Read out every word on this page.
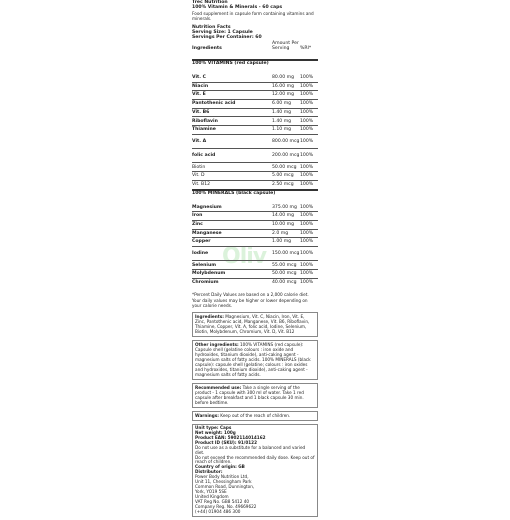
Oliv
Trec Nutrition
100% Vitamin & Minerals - 60 caps
Food supplement in capsule form containing vitamins and minerals.
Nutrition Facts
Serving Size: 1 Capsule
Servings Per Container: 60
Ingredients	Amount Per Serving	%RI*
100% VITAMINS (red capsule)		
Vit. C	80.00 mg	100%
Niacin	16.00 mg	100%
Vit. E	12.00 mg	100%
Pantothenic acid	6.00 mg	100%
Vit. B6	1.40 mg	100%
Riboflavin	1.40 mg	100%
Thiamine	1.10 mg	100%
Vit. A	800.00 mcg	100%
folic acid	200.00 mcg	100%
Biotin	50.00 mcg	100%
Vit. D	5.00 mcg	100%
Vit. B12	2.50 mcg	100%
100% MINERALS (black capsule)		
Magnesium	375.00 mg	100%
Iron	14.00 mg	100%
Zinc	10.00 mg	100%
Manganese	2.0 mg	100%
Copper	1.00 mg	100%
Iodine	150.00 mcg	100%
Selenium	55.00 mcg	100%
Molybdenum	50.00 mcg	100%
Chromium	40.00 mcg	100%
*Percent Daily Values are based on a 2,000 calorie diet. Your daily values may be higher or lower depending on your calorie needs.
Ingredients: Magnesium, Vit. C, Niacin, Iron, Vit. E, Zinc, Pantothenic acid, Manganese, Vit. B6, Riboflavin, Thiamine, Copper, Vit. A, folic acid, Iodine, Selenium, Biotin, Molybdenum, Chromium, Vit. D, Vit. B12
Other ingredients: 100% VITAMINS (red capsule): Capsule shell (gelatine colours : iron oxide and hydroxides, titanium dioxide), anti-caking agent - magnesium salts of fatty acids. 100% MINERALS (black capsule): capsule shell (gelatine; colours : iron oxides and hydroxides, titanium dioxide), anti-caking agent - magnesium salts of fatty acids.
Recommended use: Take a single serving of the product - 1 capsule with 300 ml of water. Take 1 red capsule after breakfast and 1 black capsule 30 min. before bedtime.
Warnings: Keep out of the reach of children.
Unit type: Caps
Net weight: 100g
Product EAN: 5902114014162
Product ID (SKU): 91/0122
Do not use as a substitute for a balanced and varied diet.
Do not exceed the recommended daily dose. Keep out of reach of children.
Country of origin: GB
Distributor:
Power Body Nutrition Ltd,
Unit 11, Chessingham Park
Common Road, Dunnington,
York, YO19 5SE
United Kingdom
VAT Reg No. GB8 5412 40
Company Reg. No. 49669622
(+44) 01904 486 300
